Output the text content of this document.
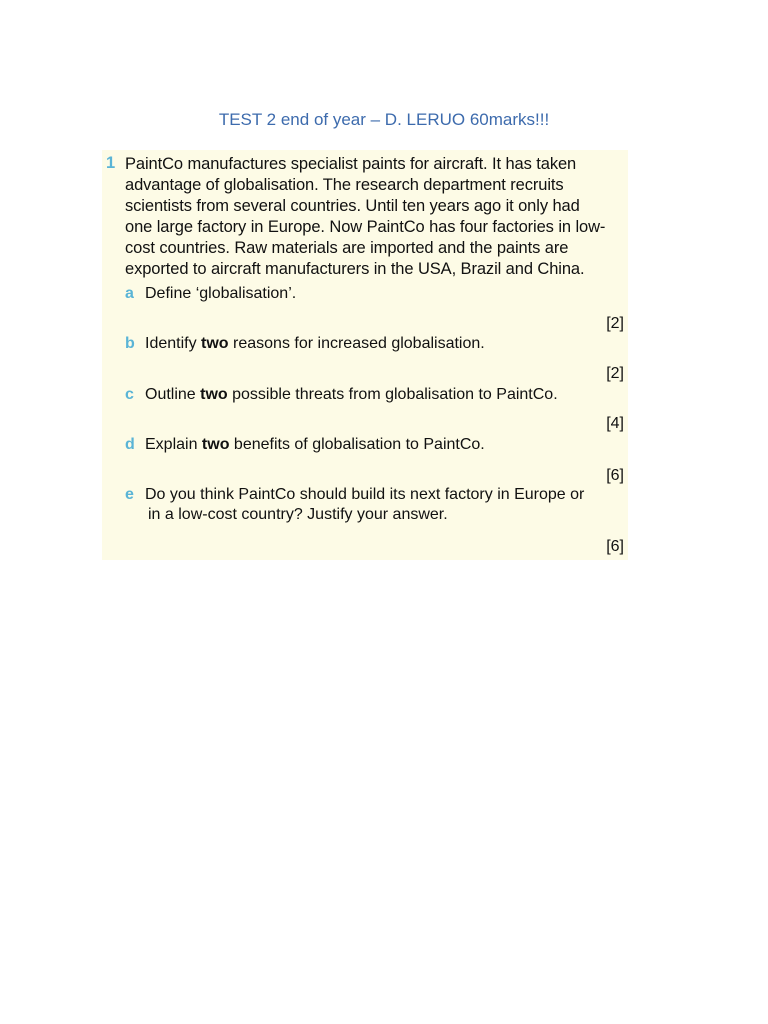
TEST 2 end of year – D. LERUO 60marks!!!
1 PaintCo manufactures specialist paints for aircraft. It has taken
advantage of globalisation. The research department recruits
scientists from several countries. Until ten years ago it only had
one large factory in Europe. Now PaintCo has four factories in low-
cost countries. Raw materials are imported and the paints are
exported to aircraft manufacturers in the USA, Brazil and China.
a Define ‘globalisation’.
[2]
b Identify two reasons for increased globalisation.
[2]
c Outline two possible threats from globalisation to PaintCo.
[4]
d Explain two benefits of globalisation to PaintCo.
[6]
e Do you think PaintCo should build its next factory in Europe or
in a low-cost country? Justify your answer.
[6]
